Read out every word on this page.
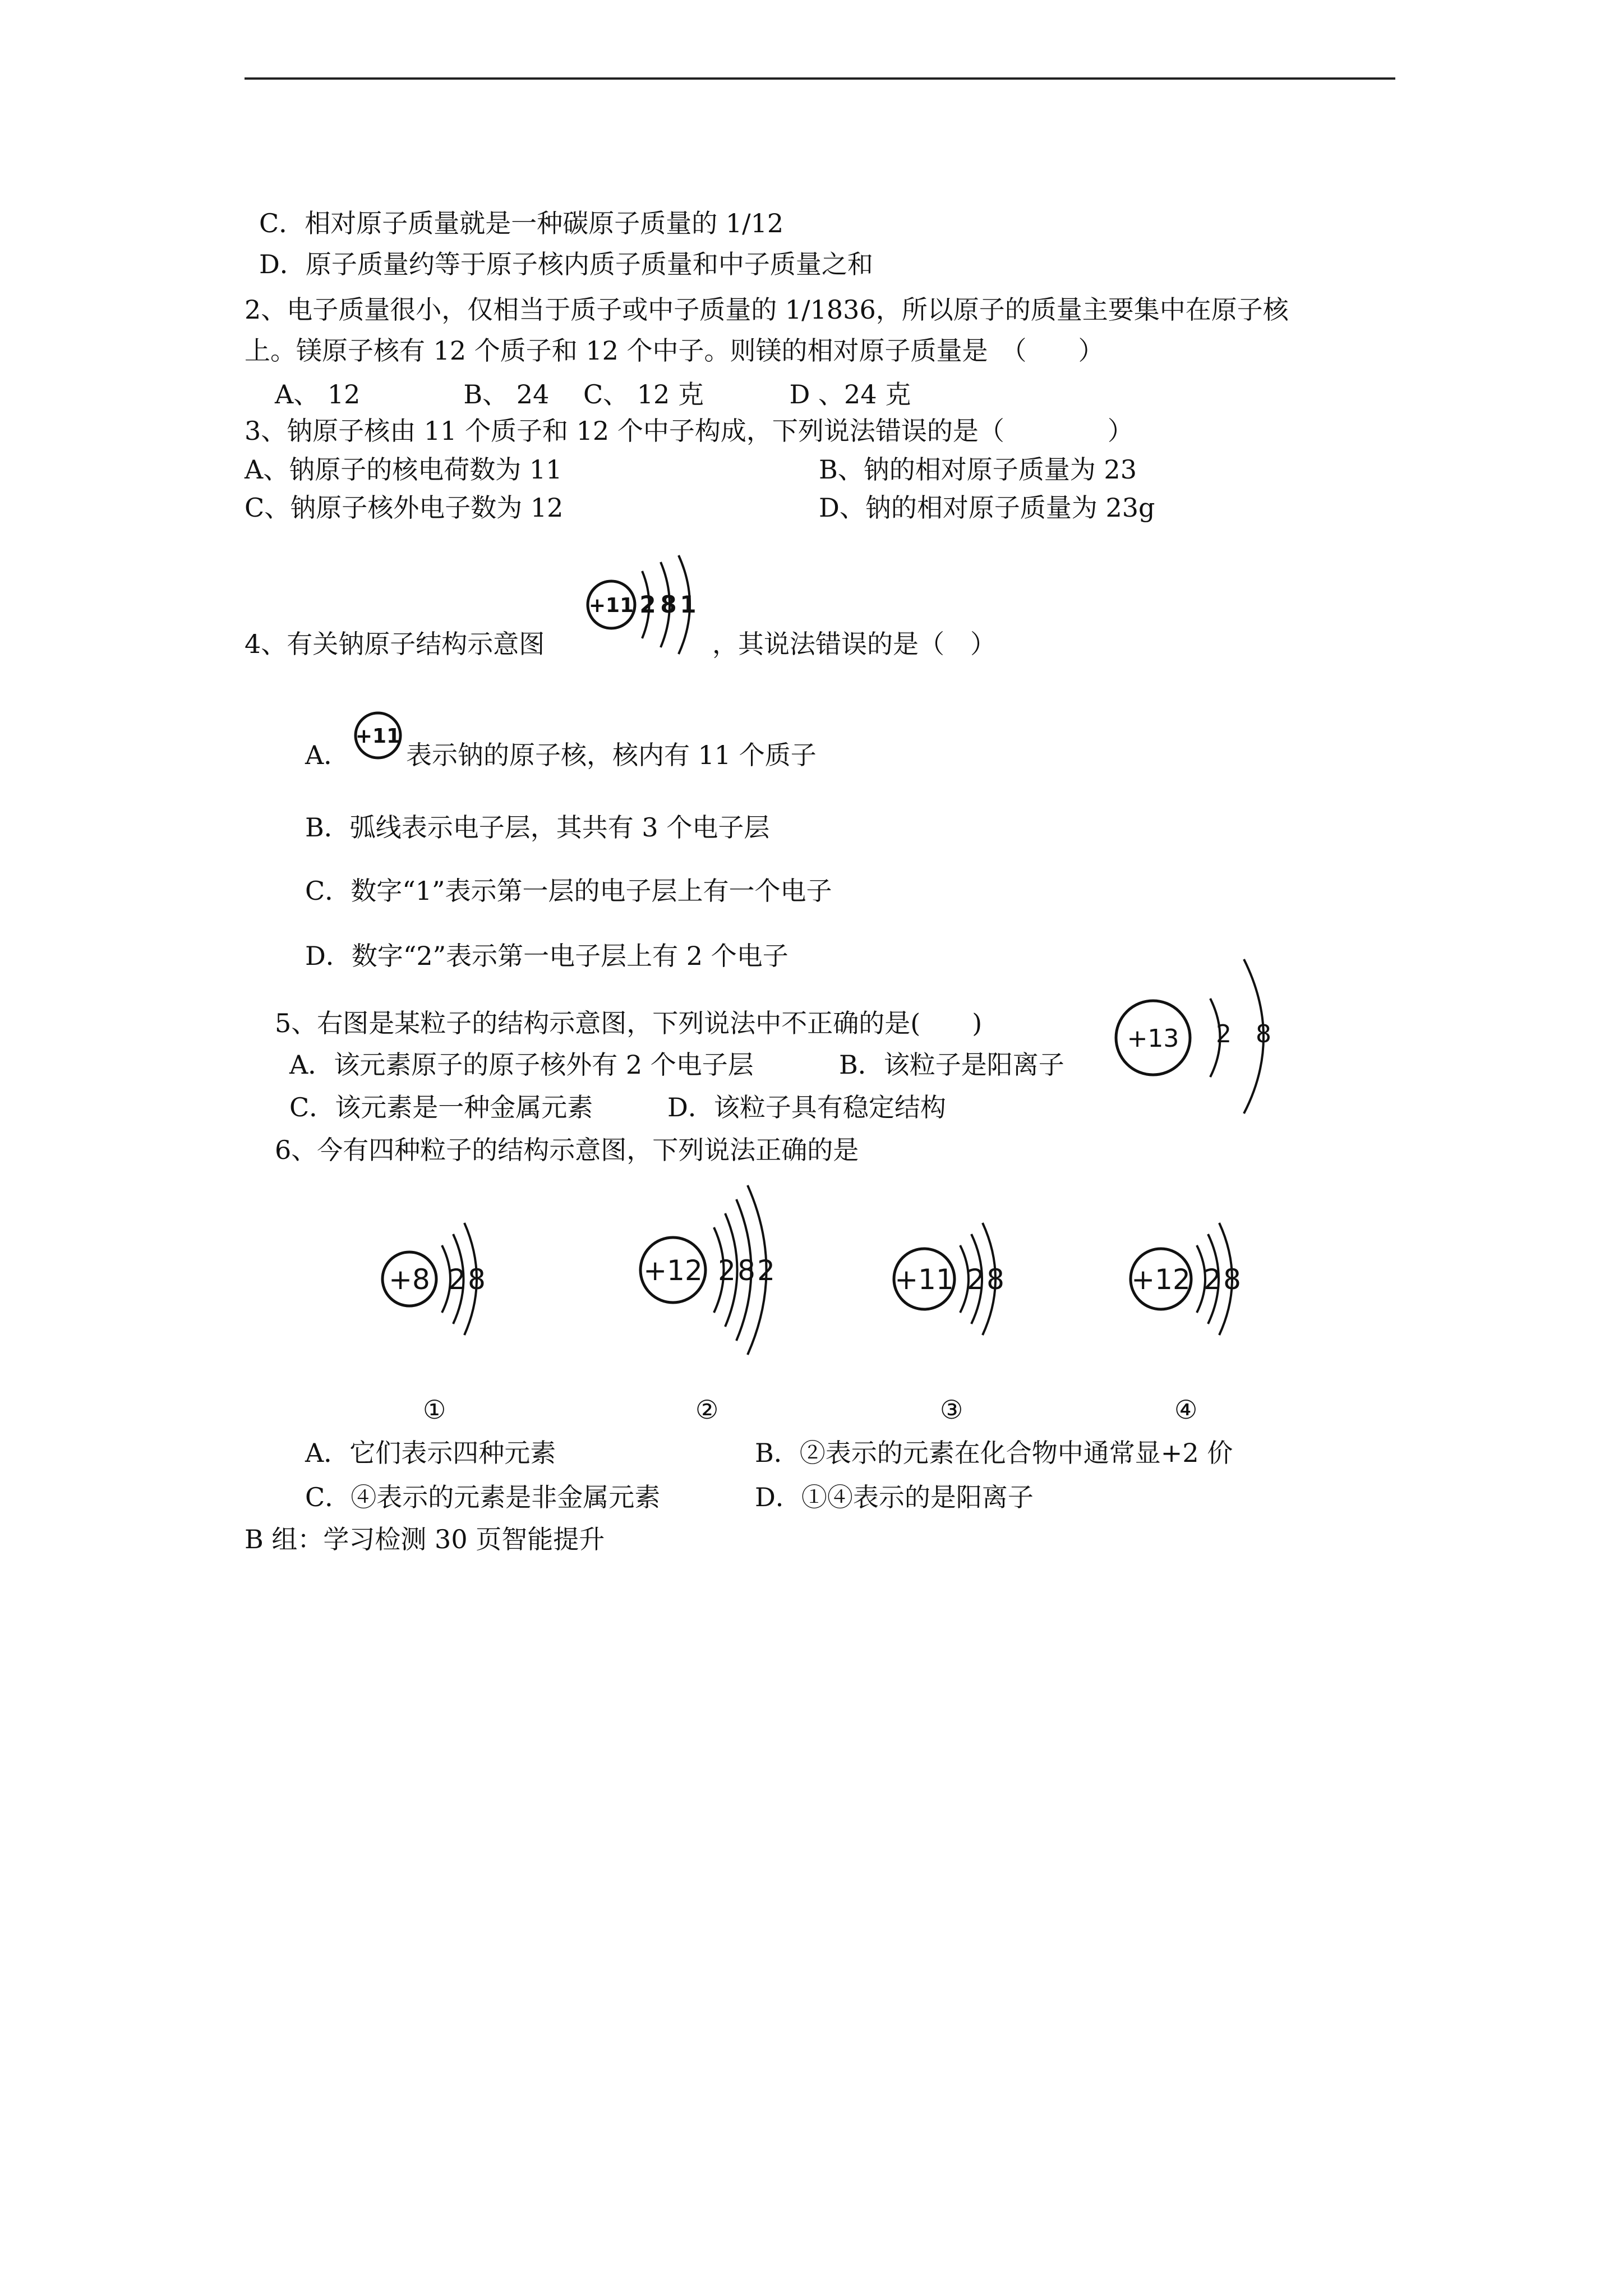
C．相对原子质量就是一种碳原子质量的 1/12
D．原子质量约等于原子核内质子质量和中子质量之和
2、电子质量很小，仅相当于质子或中子质量的 1/1836，所以原子的质量主要集中在原子核
上。镁原子核有 12 个质子和 12 个中子。则镁的相对原子质量是　（　　）
A、 12　　　　B、 24　 C、 12 克　　　 D 、24 克
3、钠原子核由 11 个质子和 12 个中子构成，下列说法错误的是（　　　　）
A、钠原子的核电荷数为 11	B、钠的相对原子质量为 23
C、钠原子核外电子数为 12	D、钠的相对原子质量为 23g
4、有关钠原子结构示意图
+11 2 8 1
，其说法错误的是（　）
A．
+11
表示钠的原子核，核内有 11 个质子
B．弧线表示电子层，其共有 3 个电子层
C．数字“1”表示第一层的电子层上有一个电子
D．数字“2”表示第一电子层上有 2 个电子
5、右图是某粒子的结构示意图，下列说法中不正确的是(　　)
A．该元素原子的原子核外有 2 个电子层	B．该粒子是阳离子
C．该元素是一种金属元素	D．该粒子具有稳定结构
+13 2 8
6、今有四种粒子的结构示意图，下列说法正确的是
+8 2 8
①
+12 2 8 2
②
+11 2 8
③
+12 2 8
④
A．它们表示四种元素	B．②表示的元素在化合物中通常显+2 价
C．④表示的元素是非金属元素	D．①④表示的是阳离子
B 组：学习检测 30 页智能提升
